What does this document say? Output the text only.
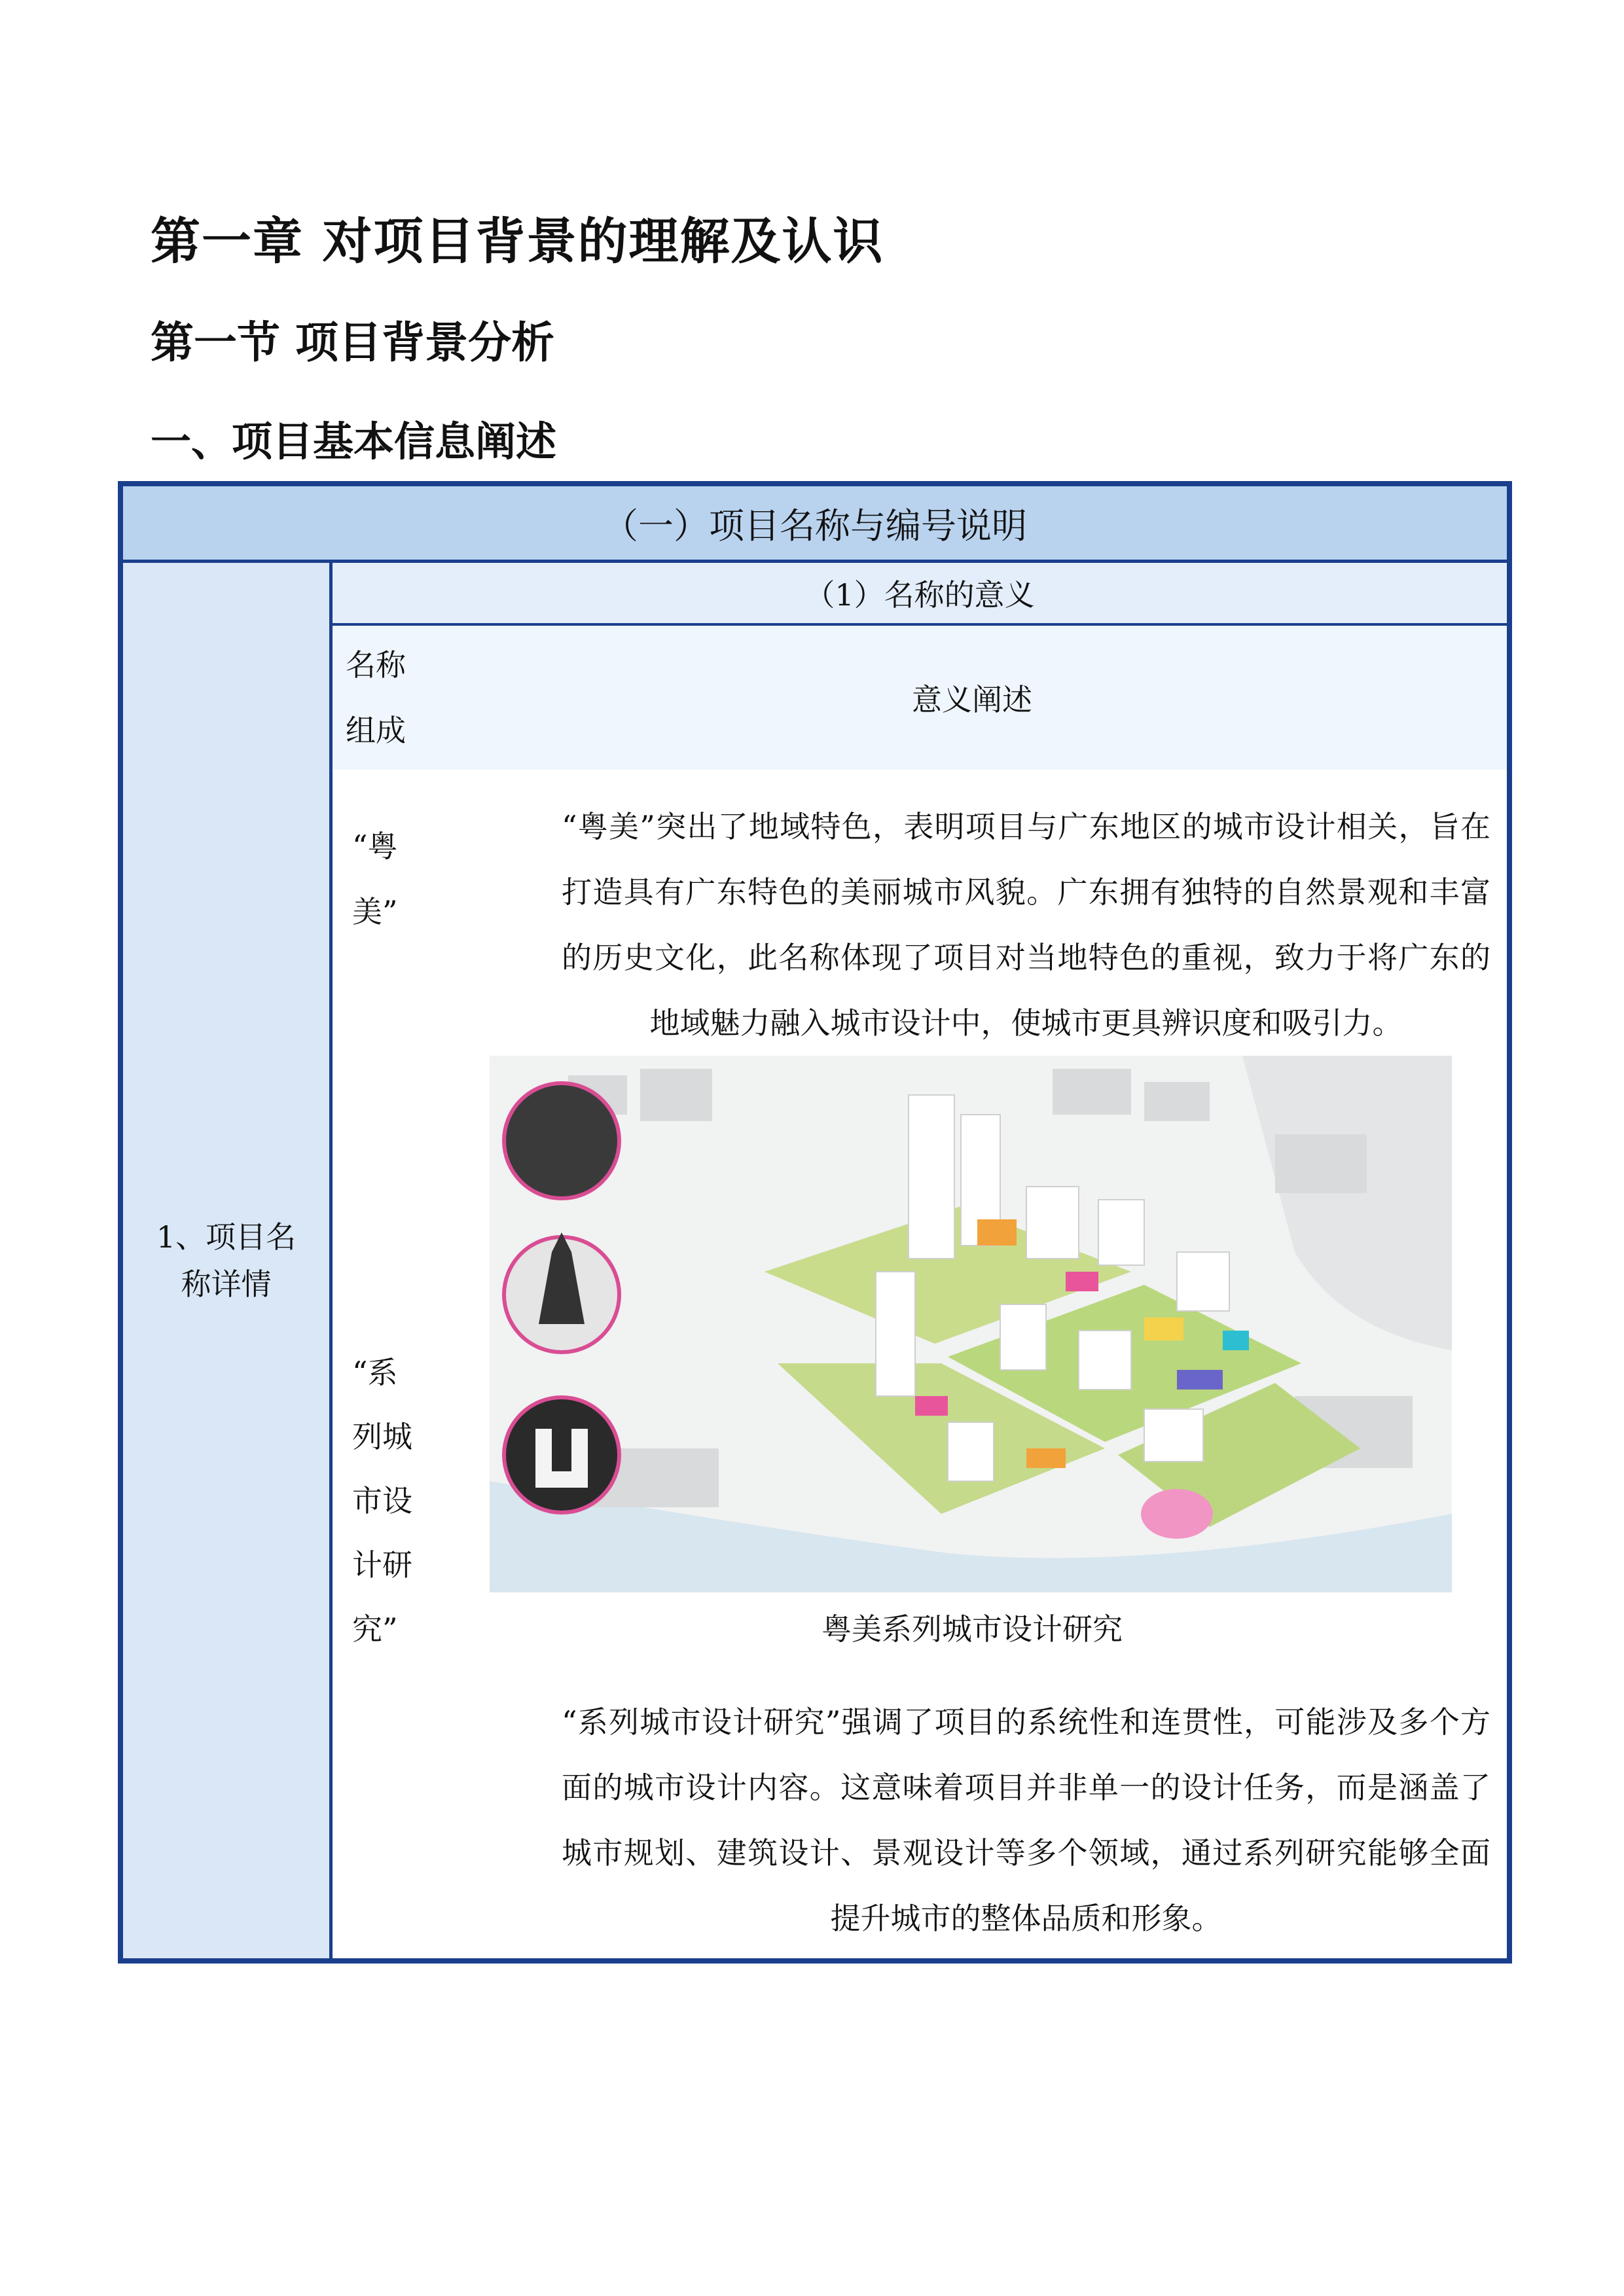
第一章 对项目背景的理解及认识
第一节 项目背景分析
一、项目基本信息阐述
（一）项目名称与编号说明
1、项目名称详情
（1）名称的意义
名称组成
意义阐述
“粤美”
“粤美”突出了地域特色，表明项目与广东地区的城市设计相关，旨在打造具有广东特色的美丽城市风貌。广东拥有独特的自然景观和丰富的历史文化，此名称体现了项目对当地特色的重视，致力于将广东的地域魅力融入城市设计中，使城市更具辨识度和吸引力。
“系列城市设计研究”	粤美系列城市设计研究
“系列城市设计研究”强调了项目的系统性和连贯性，可能涉及多个方面的城市设计内容。这意味着项目并非单一的设计任务，而是涵盖了城市规划、建筑设计、景观设计等多个领域，通过系列研究能够全面提升城市的整体品质和形象。
